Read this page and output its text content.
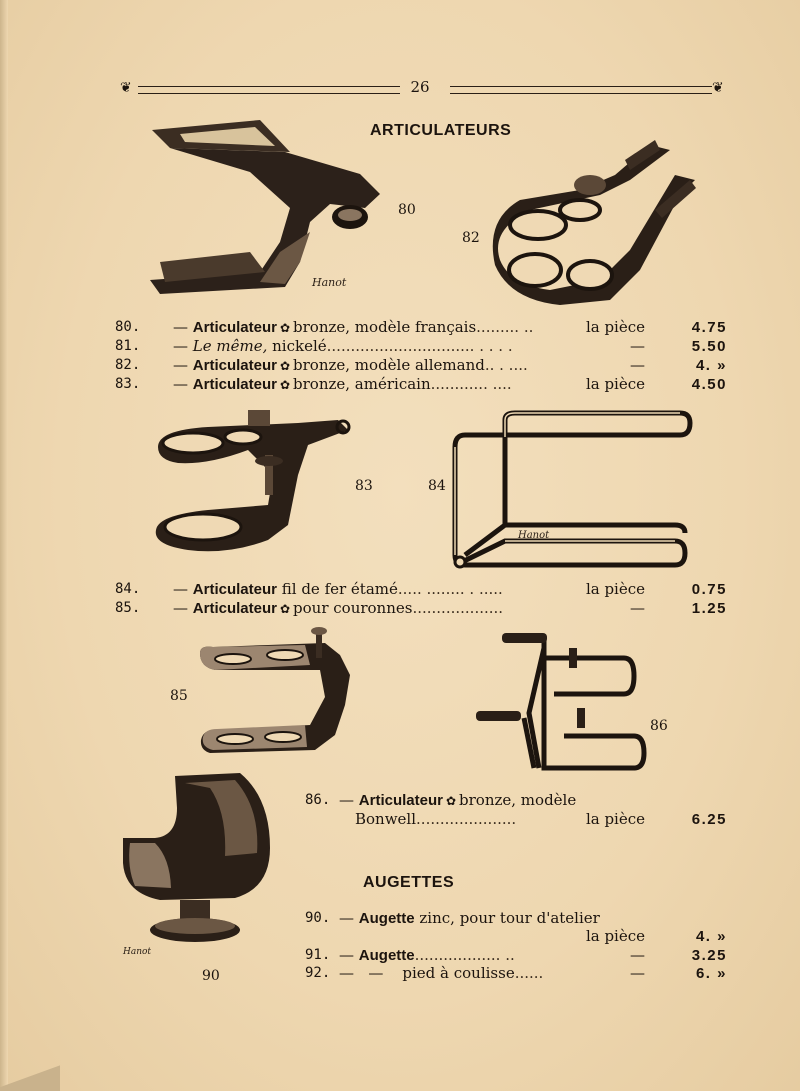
❦	26	❦
ARTICULATEURS
Hanot
80
82
80. — Articulateur ✿ bronze, modèle français......... ..	la pièce	4.75
81. — Le même, nickelé............................... . . . .	—	5.50
82. — Articulateur ✿ bronze, modèle allemand.. . ....	—	4. »
83. — Articulateur ✿ bronze, américain............ ....	la pièce	4.50
83	84
Hanot
84. — Articulateur fil de fer étamé..... ........ . .....	la pièce	0.75
85. — Articulateur ✿ pour couronnes...................	—	1.25
85
86
86. — Articulateur ✿ bronze, modèle
Bonwell.....................	la pièce	6.25
Hanot
90
AUGETTES
90. — Augette zinc, pour tour d'atelier
la pièce	4. »
91. — Augette.................. ..	—	3.25
92. — — pied à coulisse......	—	6. »
